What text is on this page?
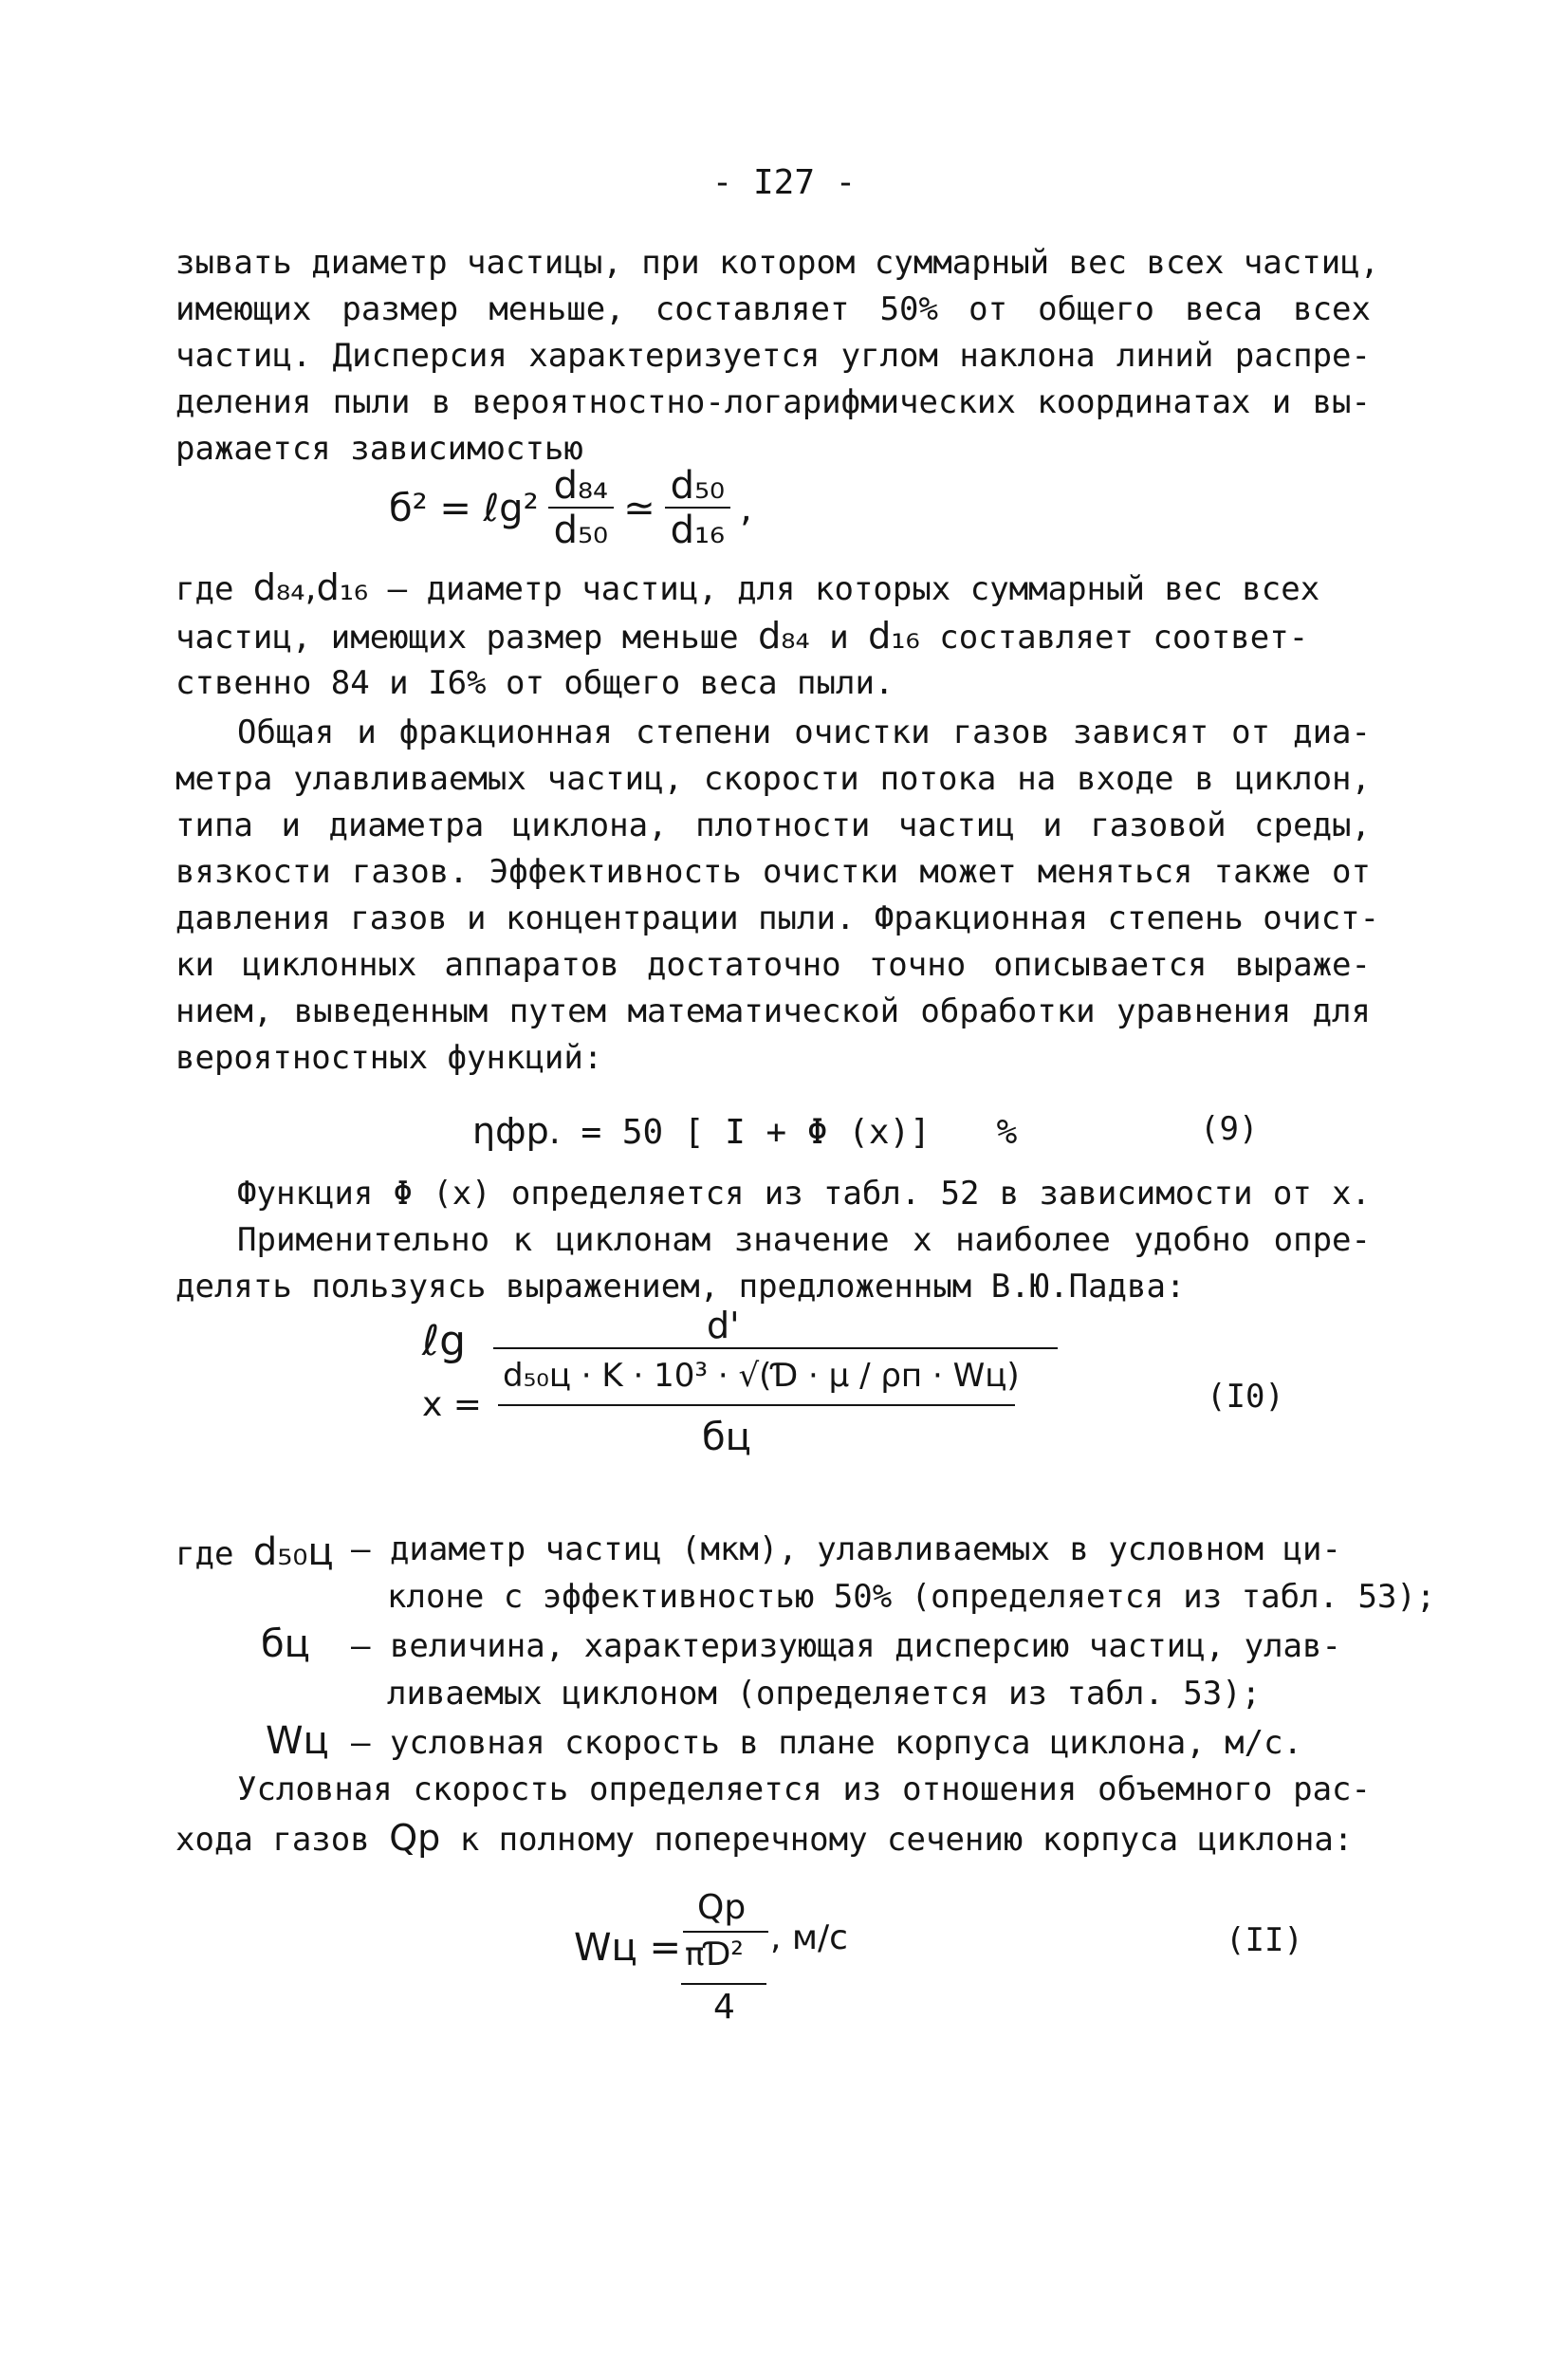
- I27 -
зывать диаметр частицы, при котором суммарный вес всех частиц,
имеющих размер меньше, составляет 50% от общего веса всех
частиц. Дисперсия характеризуется углом наклона линий распре-
деления пыли в вероятностно-логарифмических координатах и вы-
ражается зависимостью
б² = ℓg² $\frac{\text{d₈₄}}{\text{d₅₀}}$ ≃ $\frac{\text{d₅₀}}{\text{d₁₆}}$ ,
где d₈₄,d₁₆ – диаметр частиц, для которых суммарный вес всех
частиц, имеющих размер меньше d₈₄ и d₁₆ составляет соответ-
ственно 84 и I6% от общего веса пыли.
Общая и фракционная степени очистки газов зависят от диа-
метра улавливаемых частиц, скорости потока на входе в циклон,
типа и диаметра циклона, плотности частиц и газовой среды,
вязкости газов. Эффективность очистки может меняться также от
давления газов и концентрации пыли. Фракционная степень очист-
ки циклонных аппаратов достаточно точно описывается выраже-
нием, выведенным путем математической обработки уравнения для
вероятностных функций:
ηфр. = 50 [ I + Φ (x)] %	(9)
Функция Φ (x) определяется из табл. 52 в зависимости от x.
Применительно к циклонам значение x наиболее удобно опре-
делять пользуясь выражением, предложенным В.Ю.Падва:
ℓg
x =
d'
d₅₀ц · K · 10³ · √(Ɗ · μ / ρп · Wц)
бц
(I0)
где d₅₀ц – диаметр частиц (мкм), улавливаемых в условном ци-
клоне с эффективностью 50% (определяется из табл. 53);
бц – величина, характеризующая дисперсию частиц, улав-
ливаемых циклоном (определяется из табл. 53);
Wц – условная скорость в плане корпуса циклона, м/с.
Условная скорость определяется из отношения объемного рас-
хода газов Qр к полному поперечному сечению корпуса циклона:
Wц =
Qр
πƊ²
4
, м/с	(II)
